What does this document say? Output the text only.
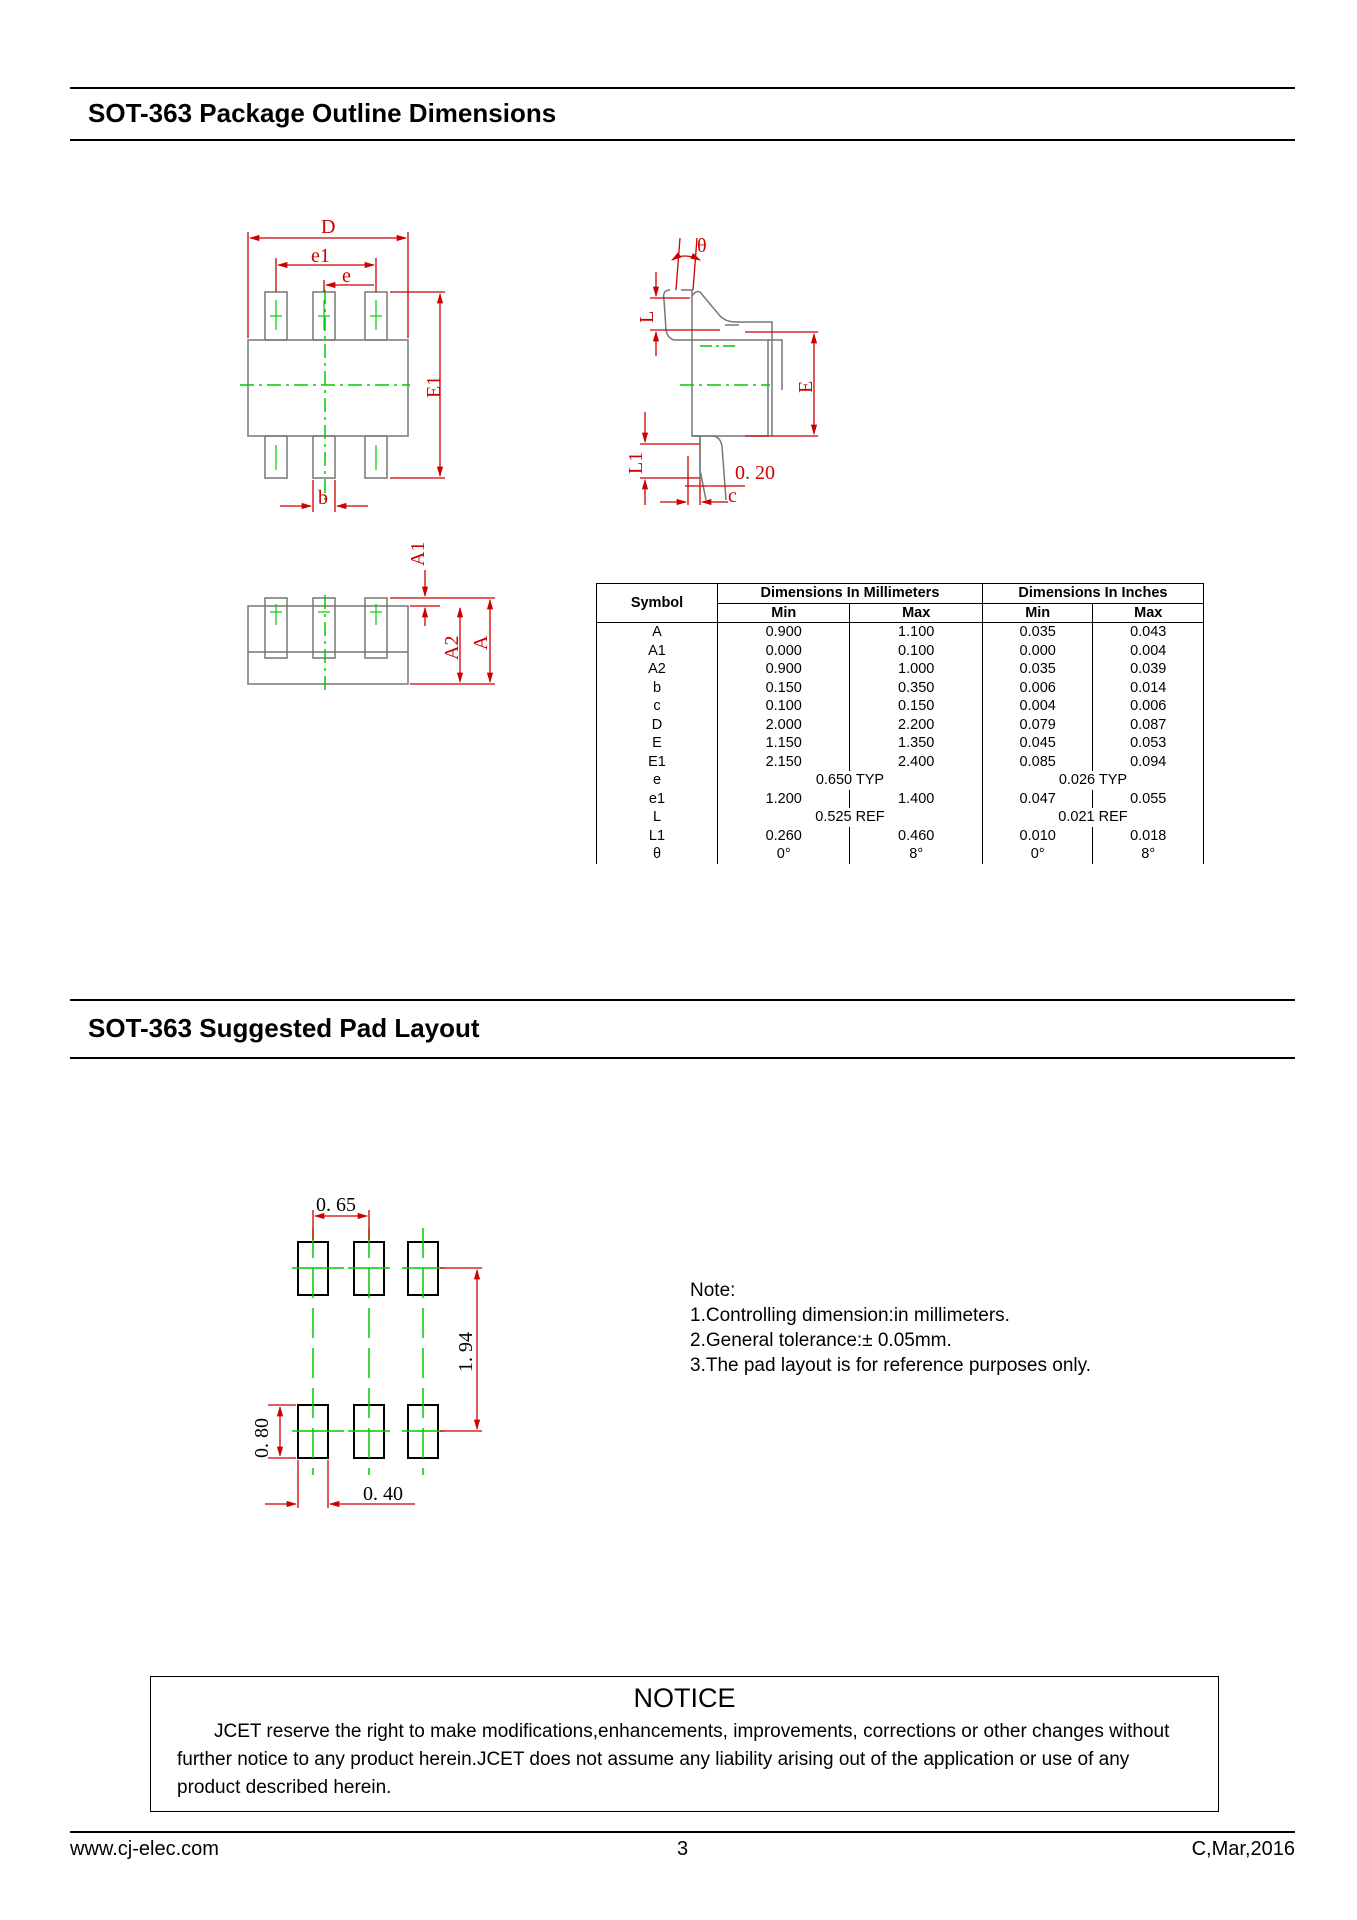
SOT-363 Package Outline Dimensions
D
e1
e
E1
b
θ
L
E
L1	0. 20
c
A1
A2 A
Symbol	Dimensions In Millimeters		Dimensions In Inches	
	Min	Max	Min	Max
A	0.900	1.100	0.035	0.043
A1	0.000	0.100	0.000	0.004
A2	0.900	1.000	0.035	0.039
b	0.150	0.350	0.006	0.014
c	0.100	0.150	0.004	0.006
D	2.000	2.200	0.079	0.087
E	1.150	1.350	0.045	0.053
E1	2.150	2.400	0.085	0.094
e	0.650 TYP		0.026 TYP	
e1	1.200	1.400	0.047	0.055
L	0.525 REF		0.021 REF	
L1	0.260	0.460	0.010	0.018
θ	0°	8°	0°	8°
SOT-363 Suggested Pad Layout
0. 65
1. 94
0. 80
0. 40
Note:
1.Controlling dimension:in millimeters.
2.General tolerance:± 0.05mm.
3.The pad layout is for reference purposes only.
NOTICE
JCET reserve the right to make modifications,enhancements, improvements, corrections or other changes without further notice to any product herein.JCET does not assume any liability arising out of the application or use of any product described herein.
www.cj-elec.com	3	C,Mar,2016
